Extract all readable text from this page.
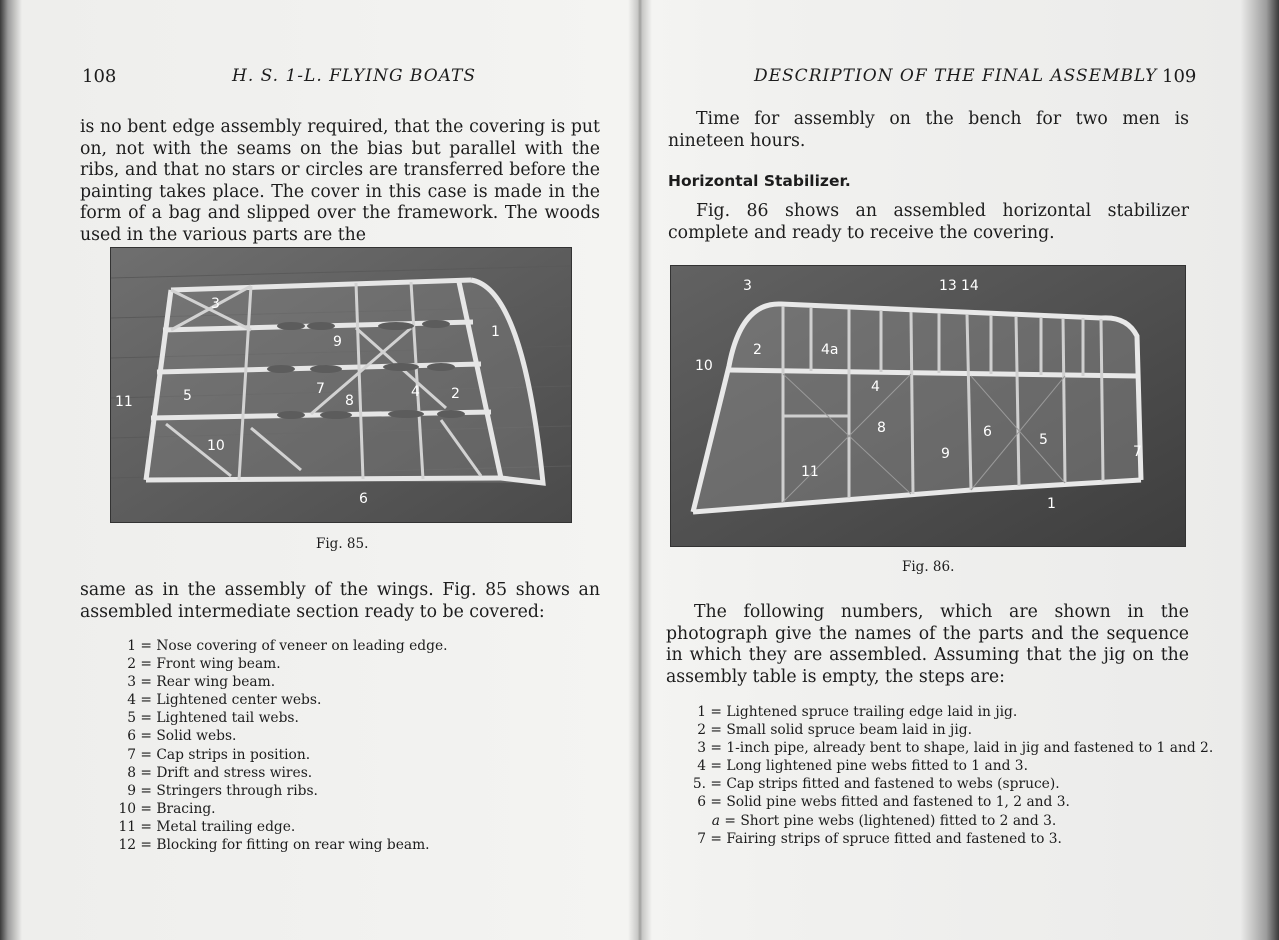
108	H. S. 1-L. FLYING BOATS

is no bent edge assembly required, that the covering is put on, not with the seams on the bias but parallel with the ribs, and that no stars or circles are transferred before the painting takes place. The cover in this case is made in the form of a bag and slipped over the framework. The woods used in the various parts are the

3
1
2
4
5
6
7
8
9
10
11
Fig. 85.

same as in the assembly of the wings. Fig. 85 shows an assembled intermediate section ready to be covered:

1 = Nose covering of veneer on leading edge.
2 = Front wing beam.
3 = Rear wing beam.
4 = Lightened center webs.
5 = Lightened tail webs.
6 = Solid webs.
7 = Cap strips in position.
8 = Drift and stress wires.
9 = Stringers through ribs.
10 = Bracing.
11 = Metal trailing edge.
12 = Blocking for fitting on rear wing beam.
DESCRIPTION OF THE FINAL ASSEMBLY 109

Time for assembly on the bench for two men is nineteen hours.

Horizontal Stabilizer.

Fig. 86 shows an assembled horizontal stabilizer complete and ready to receive the covering.

1
2
3
4
4a
5
6
7
8
9
10
11
13 14
Fig. 86.

The following numbers, which are shown in the photograph give the names of the parts and the sequence in which they are assembled. Assuming that the jig on the assembly table is empty, the steps are:

1 = Lightened spruce trailing edge laid in jig.
2 = Small solid spruce beam laid in jig.
3 = 1-inch pipe, already bent to shape, laid in jig and fastened to 1 and 2.
4 = Long lightened pine webs fitted to 1 and 3.
5. = Cap strips fitted and fastened to webs (spruce).
6 = Solid pine webs fitted and fastened to 1, 2 and 3.
a = Short pine webs (lightened) fitted to 2 and 3.
7 = Fairing strips of spruce fitted and fastened to 3.
